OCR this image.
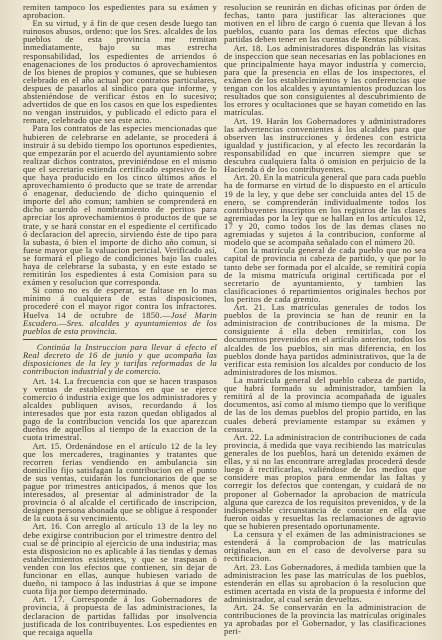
remiten tampoco los espedientes para su exámen y aprobacion.

En su virtud, y á fin de que cesen desde luego tan ruinosos abusos, ordeno: que los Sres. alcaldes de los pueblos de esta provincia me remitan inmediatamente, bajo su mas estrecha responsabilidad, los espedientes de arriendos ó enagenaciones de los productos ó aprovechamientos de los bienes de propios y comunes, que se hubiesen celebrado en el año actual por contratos particulares, despues de pasarlos al síndico para que informe, y absteniéndose de verificar éstos en lo sucesivo; advertidos de que en los casos en que los espedientes no vengan instruidos, y publicado el edicto para el remate, celebrado que sea este acto.

Para los contratos de las especies mencionadas que hubieren de celebrarse en adelante, se procederá á instruir á su debido tiempo los oportunos espedientes, que empezarán por el acuerdo del ayuntamiento sobre realizar dichos contratos, previniéndose en el mismo que el secretario estienda certificado espresivo de lo que haya producido en los cinco últimos años el aprovechamiento ó producto que se trate de arrendar ó enagenar, deduciendo de dicho quinquenio el importe del año comun; tambien se comprenderá en dicho acuerdo el nombramiento de peritos para apreciar los aprovechamientos ó productos de que se trate, y se hará constar en el espediente el certificado ó declaracion del aprecio, sirviendo éste de tipo para la subasta, ó bien el importe de dicho año comun, si fuese mayor que la valuacion pericial. Verificado así, se formará el pliego de condiciones bajo las cuales haya de celebrarse la subasta, y en este estado se remitirán los espedientes á esta Comision para su exámen y resolucion que corresponda.

Si como no es de esperar, se faltase en lo mas mínimo á cualquiera de estas disposiciones, procederé con el mayor rigor contra los infractores. Huelva 14 de octubre de 1850.—José Marin Escudero.—Sres. alcaldes y ayuntamientos de los pueblos de esta provincia.

Continúa la Instruccion para llevar á efecto el Real decreto de 16 de junio y que acompaña las disposiciones de la ley y tarifas reformadas de la contribucion industrial y de comercio.

Art. 14. La frecuencia con que se hacen traspasos y ventas de establecimientos en que se ejerce comercio ó industria exige que los administradores y alcaldes publiquen avisos, recordando á los interesados que por esta razon quedan obligados al pago de la contribucion vencida los que aparezcan dueños de aquellos al tiempo de la exaccion de la cuota trimestral.

Art. 15. Ordenándose en el artículo 12 de la ley que los mercaderes, traginantes y tratantes que recorren ferias vendiendo en ambulancia sin domicilio fijo satisfagan la contribucion en el punto de sus ventas, cuidarán los funcionarios de que se pague por trimestres anticipados, á menos que los interesados, al presentar al administrador de la provincia ó al alcalde el certificado de inscripcion, designen persona abonada que se obligue á responder de la cuota á su vencimiento.

Art. 16. Con arreglo al artículo 13 de la ley no debe exigirse contribucion por el trimestre dentro del cual se dé principio al ejercicio de una industria; mas esta disposicion no es aplicable á las tiendas y demas establecimientos existentes, y que se traspasan ó venden con los efectos que contienen, sin dejar de funcionar en ellas, aunque hubiesen variado de dueño, ni tampoco á las industrias á que se impone cuota fija por tiempo determinado.

Art. 17. Corresponde á los Gobernadores de provincia, á propuesta de las administraciones, la declaracion de partidas fallidas por insolvencia justificada de los contribuyentes. Los espedientes en que recaiga aquella

resolucion se reunirán en dichas oficinas por órden de fechas, tanto para justificar las alteraciones que motiven en el libro de cargo ó cuenta que llevan á los pueblos, cuanto para los demas efectos que dichas partidas deben tener en las cuentas de Rentas públicas.

Art. 18. Los administradores dispondrán las visitas de inspeccion que sean necesarias en las poblaciones en que principalmente haya mayor industria y comercio, para que la presencia en ellas de los inspectores, el exámen de los establecimientos y las conferencias que tengan con los alcaldes y ayuntamientos produzcan los resultados que son consiguientes al descubrimiento de los errores y ocultaciones que se hayan cometido en las matrículas.

Art. 19. Harán los Gobernadores y administradores las advertencias convenientes á los alcaldes para que observen las instrucciones y órdenes con estricta igualdad y justificacion, y al efecto les recordarán la responsabilidad en que incurren siempre que se descubra cualquiera falta ó omision en perjuicio de la Hacienda ó de los contribuyentes.

Art. 20. En la matrícula general que para cada pueblo ha de formarse en virtud de lo dispuesto en el artículo 19 de la ley, y que debe ser concluida antes del 15 de enero, se comprenderán individualmente todos los contribuyentes inscriptos en los registros de las clases agremiadas por la ley que se hallan en los artículos 12, 17 y 20, como todos los de las demas clases no agremiadas y sujetos á la contribucion, conforme al modelo que se acompaña señalado con el número 20.

Con la matrícula general de cada pueblo que no sea capital de provincia ni cabeza de partido, y que por lo tanto debe ser formada por el alcalde, se remitirá copia de la misma matrícula original certificada por el secretario de ayuntamiento, y tambien las clasificaciones ó repartimientos originales hechos por los peritos de cada gremio.

Art. 21. Las matrículas generales de todos los pueblos de la provincia se han de reunir en la administracion de contribuciones de la misma. De consiguiente á ella deben remitirlas, con los documentos prevenidos en el artículo anterior, todos los alcaldes de los pueblos, sin mas diferencia, en los pueblos donde haya partidos administrativos, que la de verificar esta remision los alcaldes por conducto de los administradores de los mismos.

La matrícula general del pueblo cabeza de partido, que habrá formado su administrador, tambien la remitirá al de la provincia acompañada de iguales documentos, así como al mismo tiempo que lo verifique de las de los demas pueblos del propio partido, en las cuales deberá previamente estampar su exámen y censura.

Art. 22. La administracion de contribuciones de cada provincia, á medida que vaya recibiendo las matrículas generales de los pueblos, hará un detenido exámen de ellas, y si no las encontrare arregladas procederá desde luego á rectificarlas, valiéndose de los medios que considere mas propios para enmendar las faltas y corregir los defectos que contengan, y cuidará de no proponer al Gobernador la aprobacion de matrícula alguna que carezca de los requisitos prevenidos, y de la indispensable circunstancia de constar en ella que fueron oidas y resueltas las reclamaciones de agravio que se hubieren presentado oportunamente.

La censura y el exámen de las administraciones se estenderá á la comprobacion de las matrículas originales, aun en el caso de devolverse para su rectificacion.

Art. 23. Los Gobernadores, á medida tambien que la administracion les pase las matrículas de los pueblos, estenderán en ellas su aprobacion ó la resolucion que estimen acertada en vista de la propuesta é informe del administrador, al cual serán devueltas.

Art. 24. Se conservarán en la administracion de contribuciones de la provincia las matrículas originales ya aprobadas por el Gobernador, y las clasificaciones peri-
